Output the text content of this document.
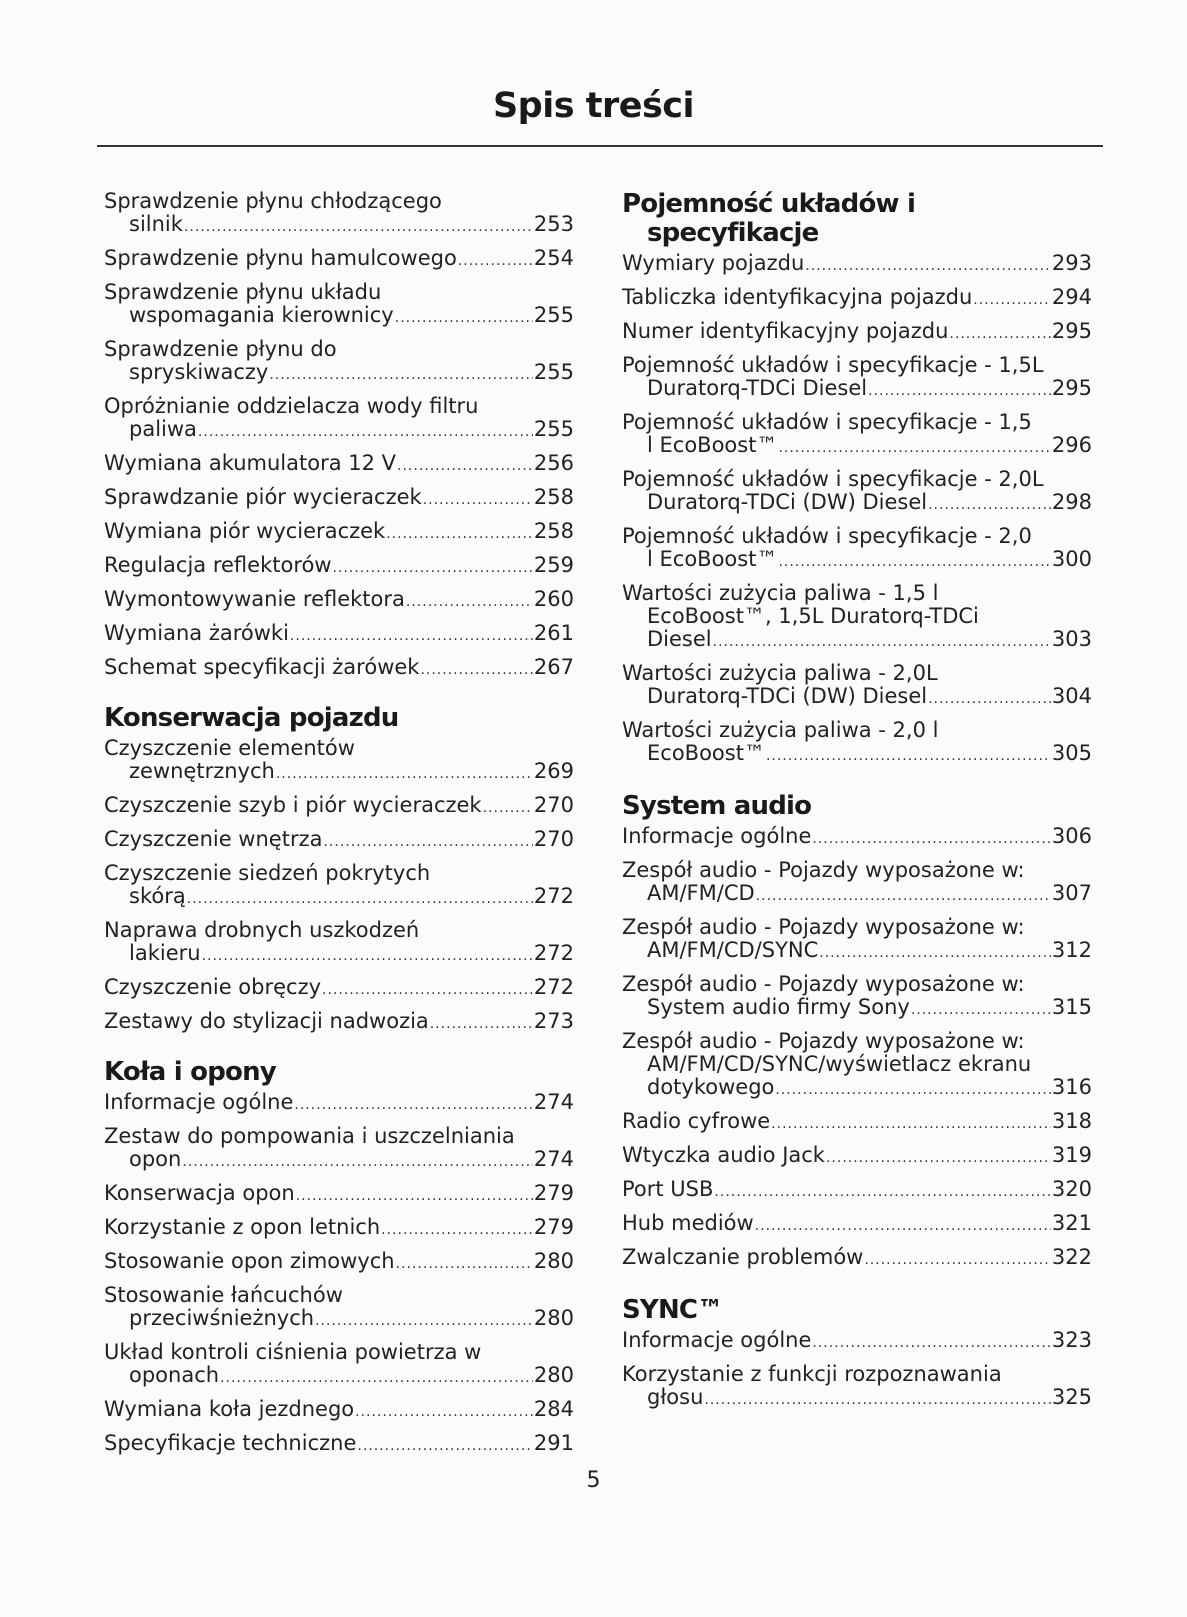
Spis treści
Sprawdzenie płynu chłodzącego
silnik .....	253
Sprawdzenie płynu hamulcowego .....	254
Sprawdzenie płynu układu
wspomagania kierownicy .....	255
Sprawdzenie płynu do
spryskiwaczy .....	255
Opróżnianie oddzielacza wody filtru
paliwa .....	255
Wymiana akumulatora 12 V .....	256
Sprawdzanie piór wycieraczek .....	258
Wymiana piór wycieraczek .....	258
Regulacja reflektorów .....	259
Wymontowywanie reflektora .....	260
Wymiana żarówki .....	261
Schemat specyfikacji żarówek .....	267
Konserwacja pojazdu
Czyszczenie elementów
zewnętrznych .....	269
Czyszczenie szyb i piór wycieraczek ..... 270
Czyszczenie wnętrza .....	270
Czyszczenie siedzeń pokrytych
skórą .....	272
Naprawa drobnych uszkodzeń
lakieru .....	272
Czyszczenie obręczy .....	272
Zestawy do stylizacji nadwozia .....	273
Koła i opony
Informacje ogólne .....	274
Zestaw do pompowania i uszczelniania
opon .....	274
Konserwacja opon .....	279
Korzystanie z opon letnich .....	279
Stosowanie opon zimowych .....	280
Stosowanie łańcuchów
przeciwśnieżnych .....	280
Układ kontroli ciśnienia powietrza w
oponach .....	280
Wymiana koła jezdnego .....	284
Specyfikacje techniczne .....	291
Pojemność układów i specyfikacje
Wymiary pojazdu .....	293
Tabliczka identyfikacyjna pojazdu .....	294
Numer identyfikacyjny pojazdu .....	295
Pojemność układów i specyfikacje - 1,5L
Duratorq-TDCi Diesel .....	295
Pojemność układów i specyfikacje - 1,5
l EcoBoost™ .....	296
Pojemność układów i specyfikacje - 2,0L
Duratorq-TDCi (DW) Diesel .....	298
Pojemność układów i specyfikacje - 2,0
l EcoBoost™ .....	300
Wartości zużycia paliwa - 1,5 l
EcoBoost™, 1,5L Duratorq-TDCi
Diesel .....	303
Wartości zużycia paliwa - 2,0L
Duratorq-TDCi (DW) Diesel .....	304
Wartości zużycia paliwa - 2,0 l
EcoBoost™ .....	305
System audio
Informacje ogólne .....	306
Zespół audio - Pojazdy wyposażone w:
AM/FM/CD .....	307
Zespół audio - Pojazdy wyposażone w:
AM/FM/CD/SYNC .....	312
Zespół audio - Pojazdy wyposażone w:
System audio firmy Sony .....	315
Zespół audio - Pojazdy wyposażone w:
AM/FM/CD/SYNC/wyświetlacz ekranu
dotykowego .....	316
Radio cyfrowe .....	318
Wtyczka audio Jack .....	319
Port USB .....	320
Hub mediów .....	321
Zwalczanie problemów .....	322
SYNC™
Informacje ogólne .....	323
Korzystanie z funkcji rozpoznawania
głosu .....	325
5
